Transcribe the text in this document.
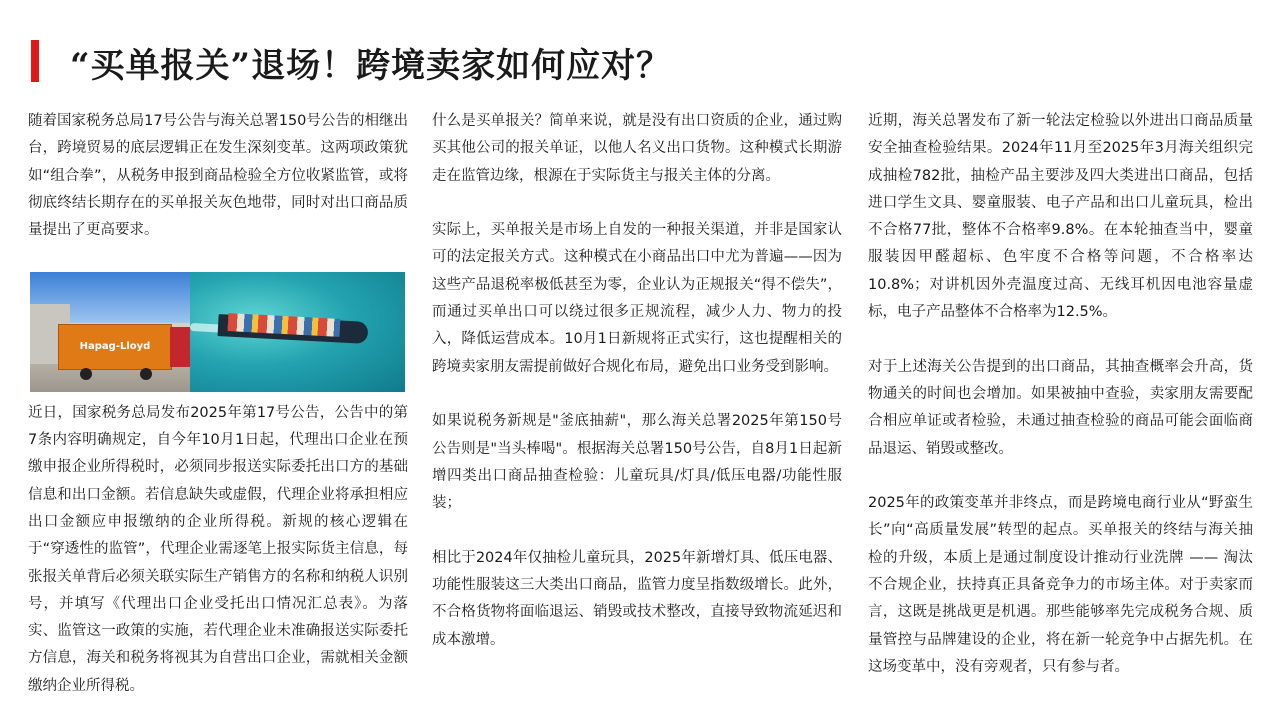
“买单报关”退场！跨境卖家如何应对？

随着国家税务总局17号公告与海关总署150号公告的相继出台，跨境贸易的底层逻辑正在发生深刻变革。这两项政策犹如“组合拳”，从税务申报到商品检验全方位收紧监管，或将彻底终结长期存在的买单报关灰色地带，同时对出口商品质量提出了更高要求。

Hapag-Lloyd

近日，国家税务总局发布2025年第17号公告，公告中的第7条内容明确规定，自今年10月1日起，代理出口企业在预缴申报企业所得税时，必须同步报送实际委托出口方的基础信息和出口金额。若信息缺失或虚假，代理企业将承担相应出口金额应申报缴纳的企业所得税。新规的核心逻辑在于“穿透性的监管”，代理企业需逐笔上报实际货主信息，每张报关单背后必须关联实际生产销售方的名称和纳税人识别号，并填写《代理出口企业受托出口情况汇总表》。为落实、监管这一政策的实施，若代理企业未准确报送实际委托方信息，海关和税务将视其为自营出口企业，需就相关金额缴纳企业所得税。

什么是买单报关？简单来说，就是没有出口资质的企业，通过购买其他公司的报关单证，以他人名义出口货物。这种模式长期游走在监管边缘，根源在于实际货主与报关主体的分离。

实际上，买单报关是市场上自发的一种报关渠道，并非是国家认可的法定报关方式。这种模式在小商品出口中尤为普遍——因为这些产品退税率极低甚至为零，企业认为正规报关“得不偿失”，而通过买单出口可以绕过很多正规流程，减少人力、物力的投入，降低运营成本。10月1日新规将正式实行，这也提醒相关的跨境卖家朋友需提前做好合规化布局，避免出口业务受到影响。

如果说税务新规是"釜底抽薪"，那么海关总署2025年第150号公告则是"当头棒喝"。根据海关总署150号公告，自8月1日起新增四类出口商品抽查检验：儿童玩具/灯具/低压电器/功能性服装；

相比于2024年仅抽检儿童玩具，2025年新增灯具、低压电器、功能性服装这三大类出口商品，监管力度呈指数级增长。此外，不合格货物将面临退运、销毁或技术整改，直接导致物流延迟和成本激增。

近期，海关总署发布了新一轮法定检验以外进出口商品质量安全抽查检验结果。2024年11月至2025年3月海关组织完成抽检782批，抽检产品主要涉及四大类进出口商品，包括进口学生文具、婴童服装、电子产品和出口儿童玩具，检出不合格77批，整体不合格率9.8%。在本轮抽查当中，婴童服装因甲醛超标、色牢度不合格等问题，不合格率达10.8%；对讲机因外壳温度过高、无线耳机因电池容量虚标，电子产品整体不合格率为12.5%。

对于上述海关公告提到的出口商品，其抽查概率会升高，货物通关的时间也会增加。如果被抽中查验，卖家朋友需要配合相应单证或者检验，未通过抽查检验的商品可能会面临商品退运、销毁或整改。

2025年的政策变革并非终点，而是跨境电商行业从“野蛮生长”向“高质量发展”转型的起点。买单报关的终结与海关抽检的升级，本质上是通过制度设计推动行业洗牌 —— 淘汰不合规企业，扶持真正具备竞争力的市场主体。对于卖家而言，这既是挑战更是机遇。那些能够率先完成税务合规、质量管控与品牌建设的企业，将在新一轮竞争中占据先机。在这场变革中，没有旁观者，只有参与者。
